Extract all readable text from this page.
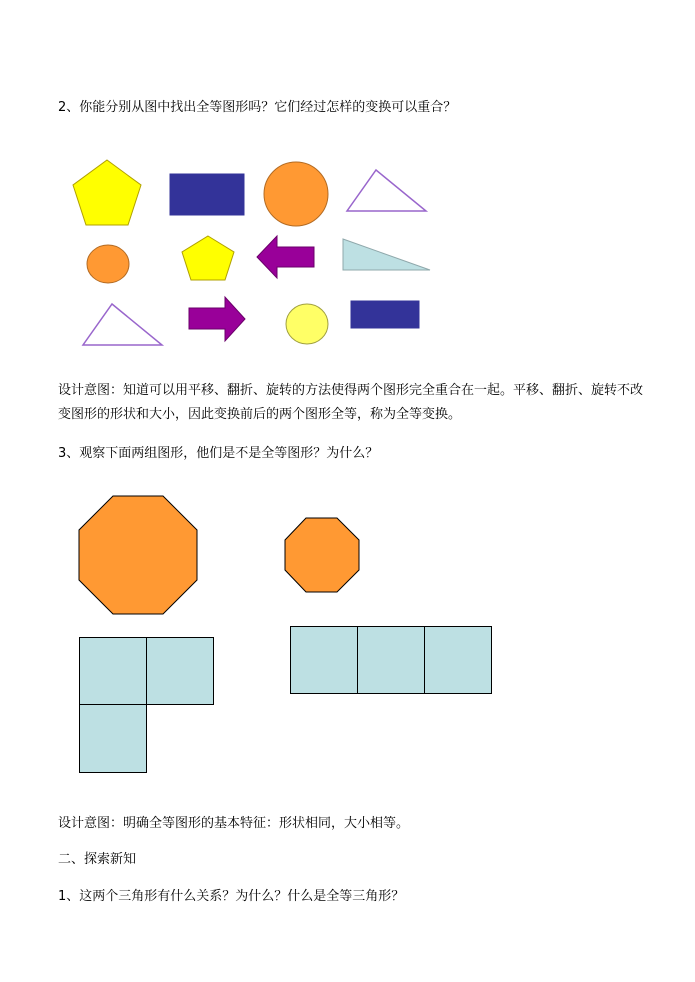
2、你能分别从图中找出全等图形吗？它们经过怎样的变换可以重合？
设计意图：知道可以用平移、翻折、旋转的方法使得两个图形完全重合在一起。平移、翻折、旋转不改变图形的形状和大小，因此变换前后的两个图形全等，称为全等变换。
3、观察下面两组图形，他们是不是全等图形？为什么？
设计意图：明确全等图形的基本特征：形状相同，大小相等。
二、探索新知
1、这两个三角形有什么关系？为什么？什么是全等三角形？
